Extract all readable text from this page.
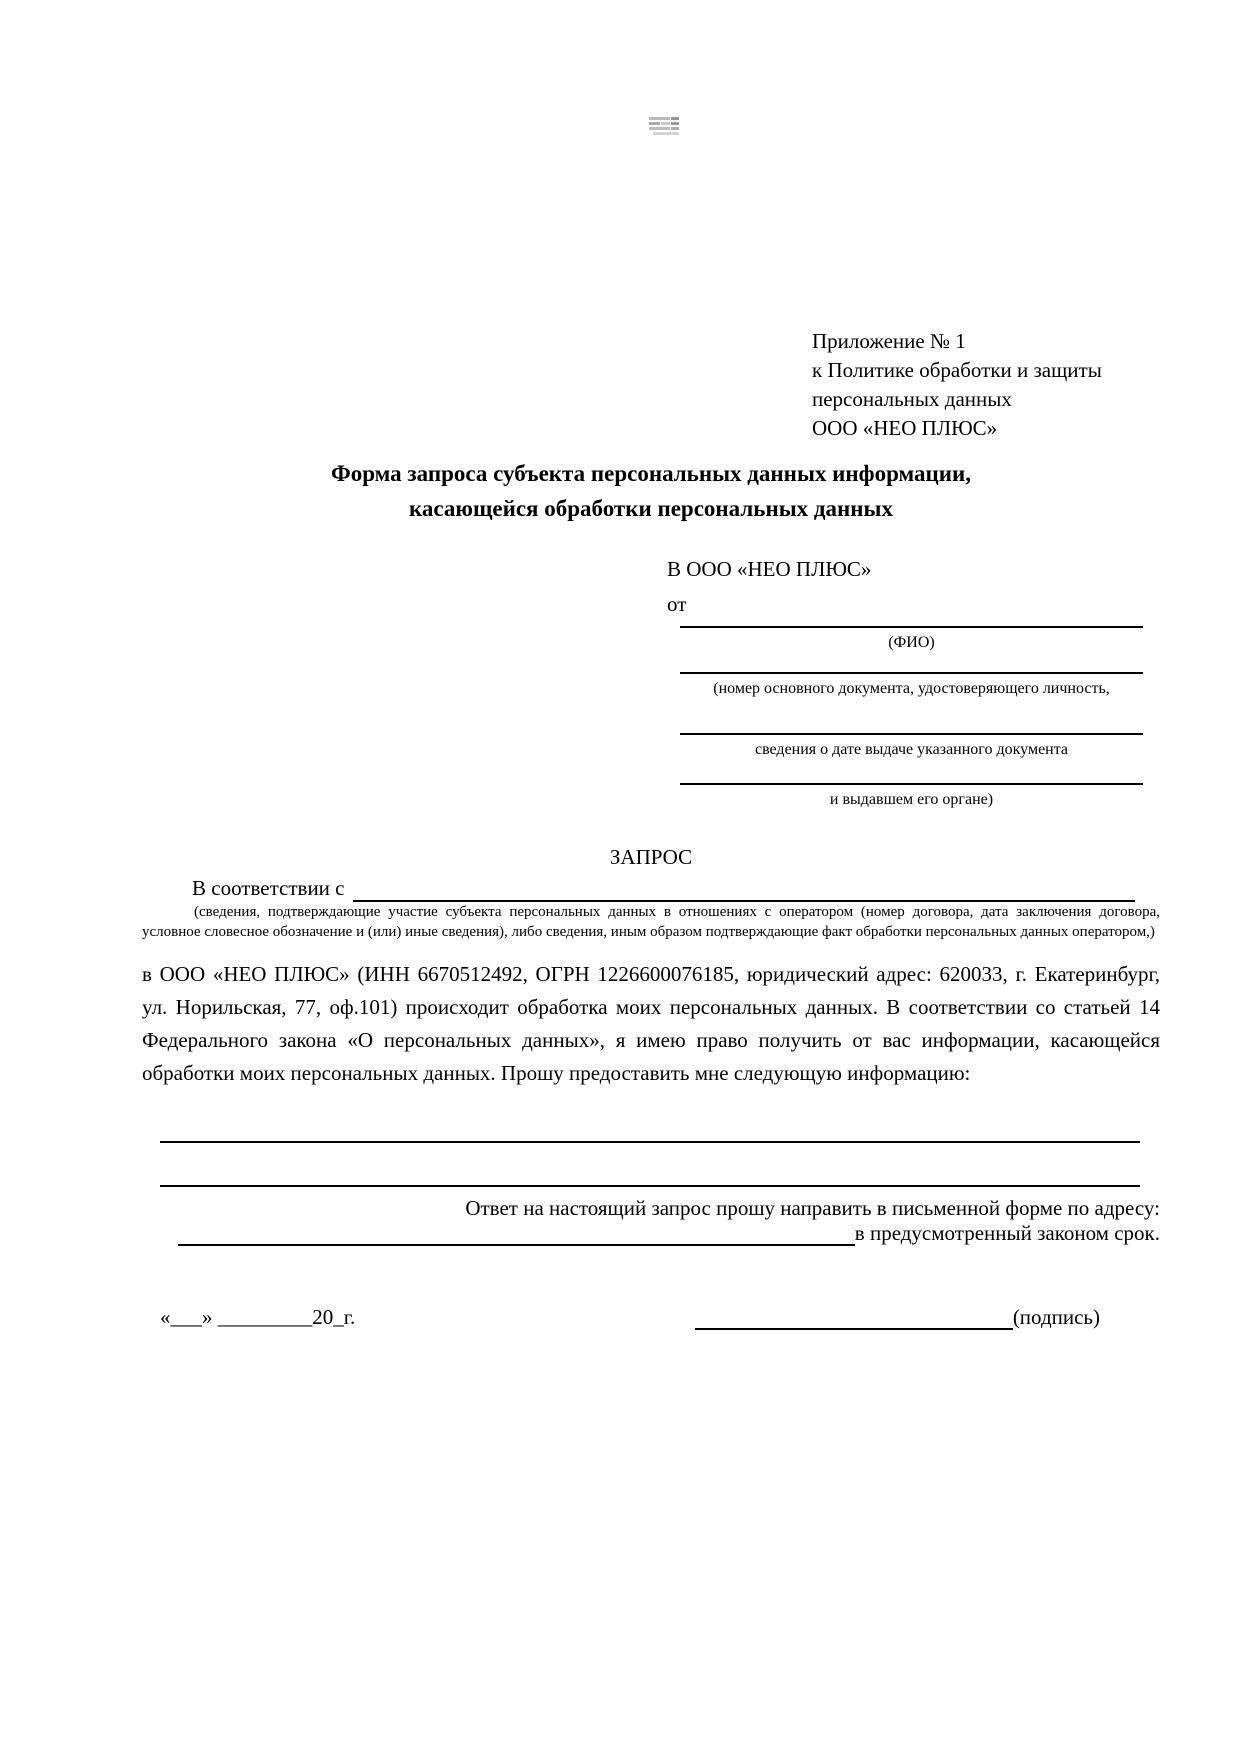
Приложение № 1
к Политике обработки и защиты
персональных данных
ООО «НЕО ПЛЮС»
Форма запроса субъекта персональных данных информации,
касающейся обработки персональных данных
В ООО «НЕО ПЛЮС»
от
(ФИО)
(номер основного документа, удостоверяющего личность,
сведения о дате выдаче указанного документа
и выдавшем его органе)
ЗАПРОС
В соответствии с
(сведения, подтверждающие участие субъекта персональных данных в отношениях с оператором (номер договора, дата заключения договора, условное словесное обозначение и (или) иные сведения), либо сведения, иным образом подтверждающие факт обработки персональных данных оператором,)
в ООО «НЕО ПЛЮС» (ИНН 6670512492, ОГРН 1226600076185, юридический адрес: 620033, г. Екатеринбург, ул. Норильская, 77, оф.101) происходит обработка моих персональных данных. В соответствии со статьей 14 Федерального закона «О персональных данных», я имею право получить от вас информации, касающейся обработки моих персональных данных. Прошу предоставить мне следующую информацию:
Ответ на настоящий запрос прошу направить в письменной форме по адресу:
в предусмотренный законом срок.
«___» _________20_г.	(подпись)
